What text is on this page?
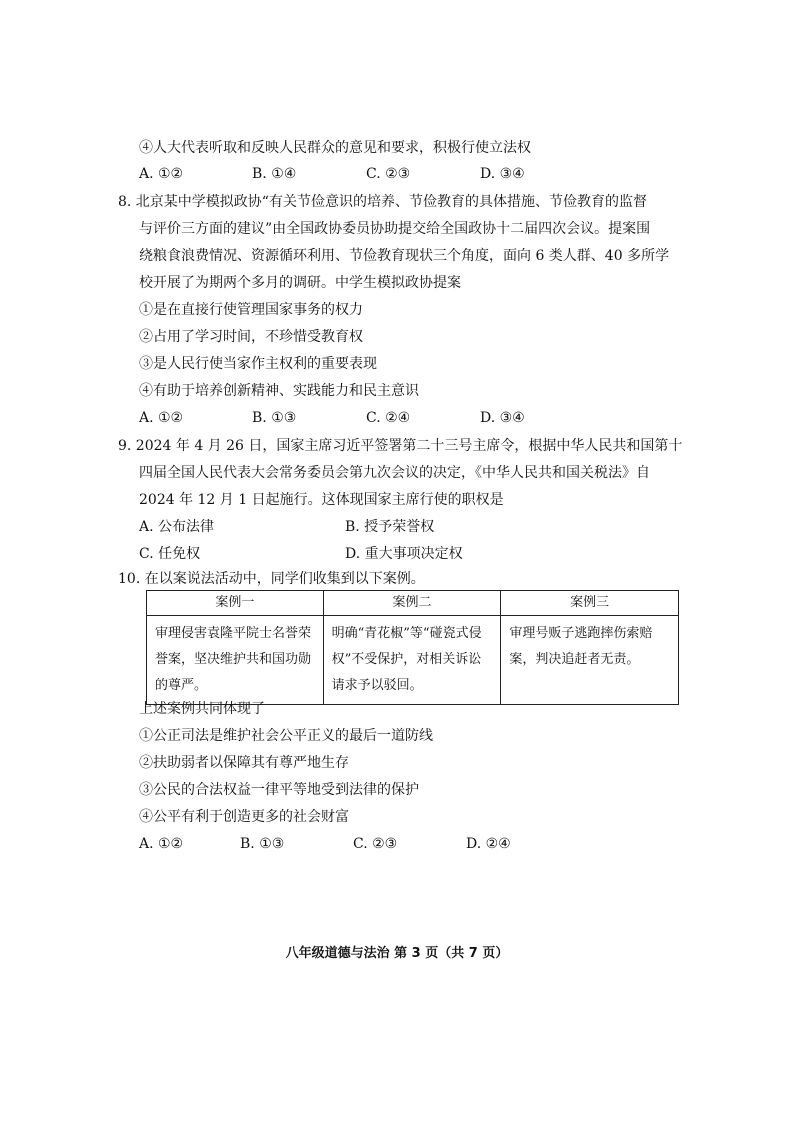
④人大代表听取和反映人民群众的意见和要求，积极行使立法权
A. ①②	B. ①④	C. ②③	D. ③④
8. 北京某中学模拟政协“有关节俭意识的培养、节俭教育的具体措施、节俭教育的监督
与评价三方面的建议”由全国政协委员协助提交给全国政协十二届四次会议。提案围
绕粮食浪费情况、资源循环利用、节俭教育现状三个角度，面向 6 类人群、40 多所学
校开展了为期两个多月的调研。中学生模拟政协提案
①是在直接行使管理国家事务的权力
②占用了学习时间，不珍惜受教育权
③是人民行使当家作主权利的重要表现
④有助于培养创新精神、实践能力和民主意识
A. ①②	B. ①③	C. ②④	D. ③④
9. 2024 年 4 月 26 日，国家主席习近平签署第二十三号主席令，根据中华人民共和国第十
四届全国人民代表大会常务委员会第九次会议的决定，《中华人民共和国关税法》自
2024 年 12 月 1 日起施行。这体现国家主席行使的职权是
A. 公布法律	B. 授予荣誉权
C. 任免权	D. 重大事项决定权
10. 在以案说法活动中，同学们收集到以下案例。
案例一	案例二	案例三
审理侵害袁隆平院士名誉荣誉案，坚决维护共和国功勋的尊严。	明确“青花椒”等“碰瓷式侵权”不受保护，对相关诉讼请求予以驳回。	审理号贩子逃跑摔伤索赔案，判决追赶者无责。
上述案例共同体现了
①公正司法是维护社会公平正义的最后一道防线
②扶助弱者以保障其有尊严地生存
③公民的合法权益一律平等地受到法律的保护
④公平有利于创造更多的社会财富
A. ①②	B. ①③	C. ②③	D. ②④
八年级道德与法治 第 3 页（共 7 页）
